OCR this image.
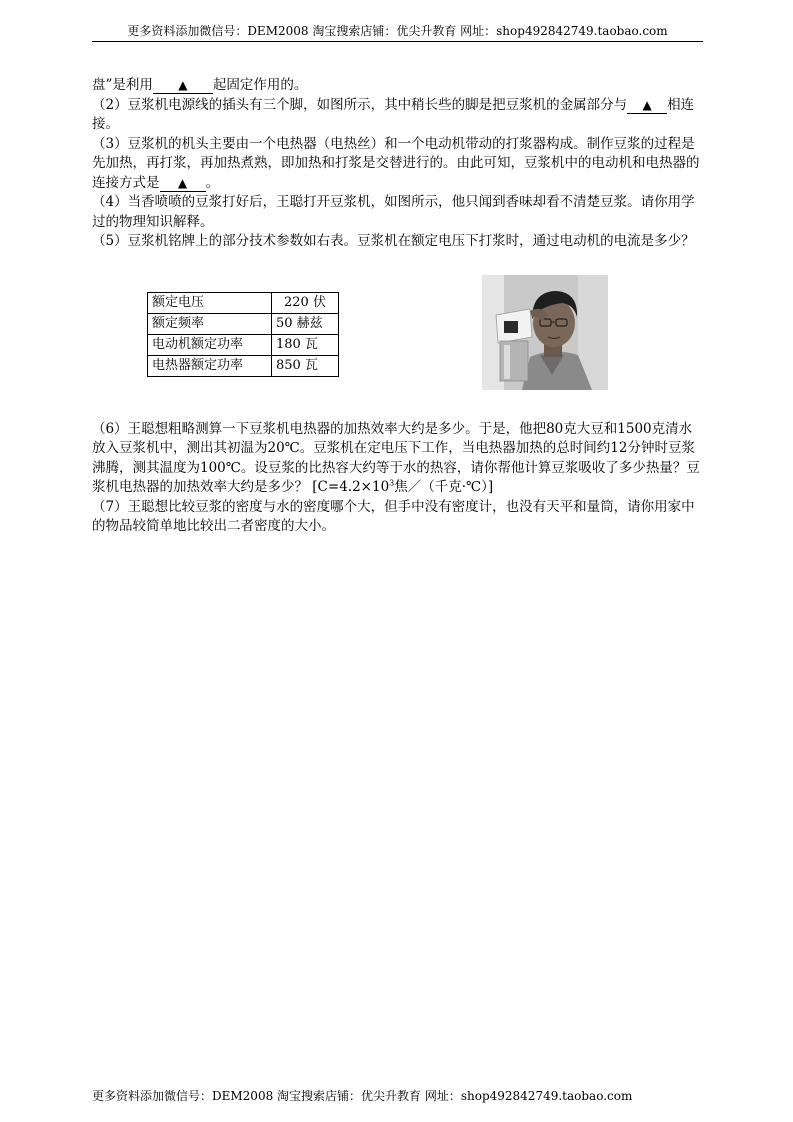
更多资料添加微信号：DEM2008 淘宝搜索店铺：优尖升教育 网址：shop492842749.taobao.com

盘”是利用 ▲ 起固定作用的。

（2）豆浆机电源线的插头有三个脚，如图所示，其中稍长些的脚是把豆浆机的金属部分与 ▲ 相连接。

（3）豆浆机的机头主要由一个电热器（电热丝）和一个电动机带动的打浆器构成。制作豆浆的过程是先加热，再打浆，再加热煮熟，即加热和打浆是交替进行的。由此可知，豆浆机中的电动机和电热器的连接方式是 ▲ 。

（4）当香喷喷的豆浆打好后，王聪打开豆浆机，如图所示，他只闻到香味却看不清楚豆浆。请你用学过的物理知识解释。

（5）豆浆机铭牌上的部分技术参数如右表。豆浆机在额定电压下打浆时，通过电动机的电流是多少？

（6）王聪想粗略测算一下豆浆机电热器的加热效率大约是多少。于是，他把80克大豆和1500克清水放入豆浆机中，测出其初温为20℃。豆浆机在定电压下工作，当电热器加热的总时间约12分钟时豆浆沸腾，测其温度为100℃。设豆浆的比热容大约等于水的热容，请你帮他计算豆浆吸收了多少热量？豆浆机电热器的加热效率大约是多少？ [$C=4.2\times 10^3$焦／（千克·℃）]

（7）王聪想比较豆浆的密度与水的密度哪个大，但手中没有密度计，也没有天平和量筒，请你用家中的物品较简单地比较出二者密度的大小。

额定电压	220 伏
额定频率	50 赫兹
电动机额定功率	180 瓦
电热器额定功率	850 瓦
更多资料添加微信号：DEM2008 淘宝搜索店铺：优尖升教育 网址：shop492842749.taobao.com
